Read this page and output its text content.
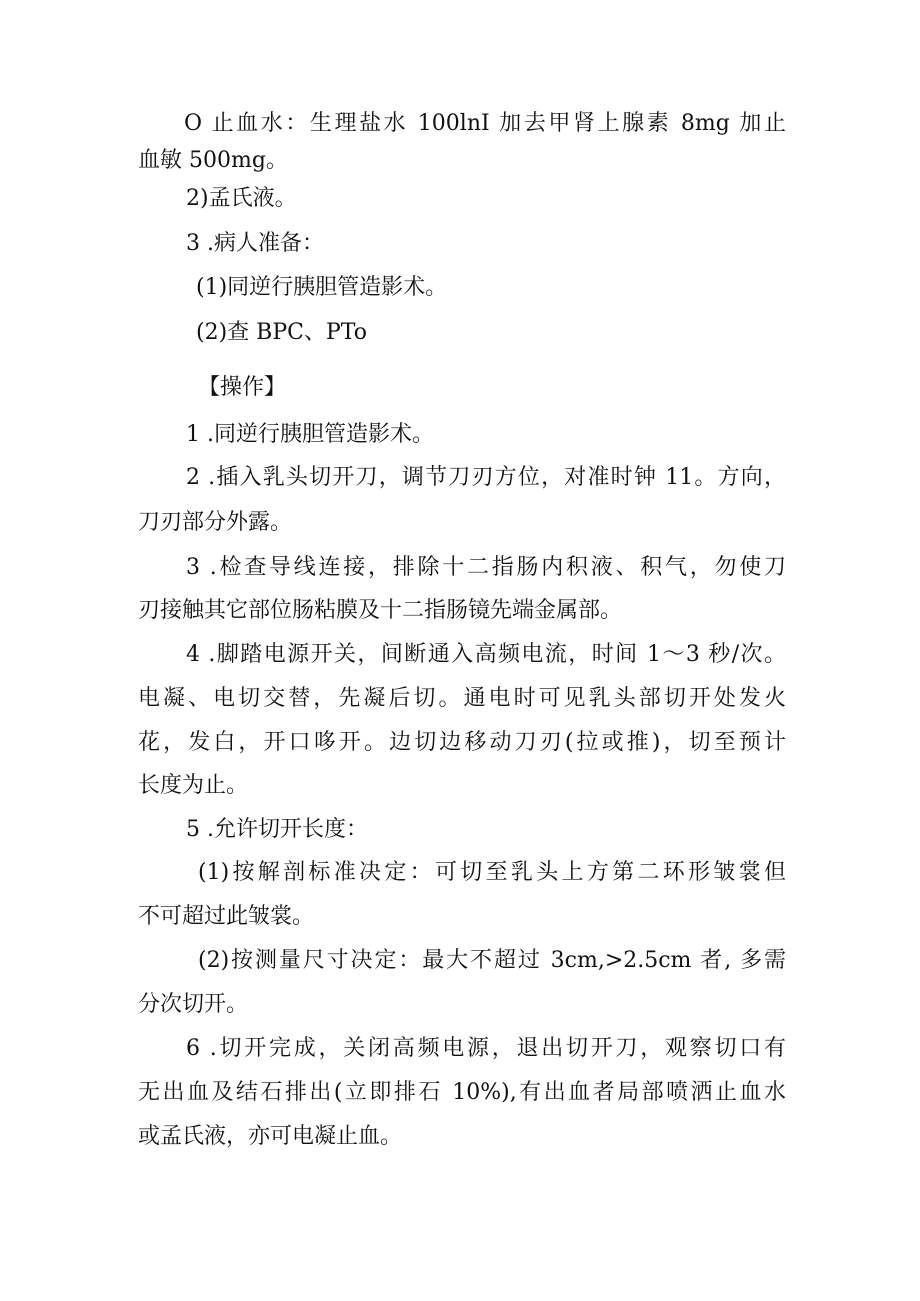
O 止血水：生理盐水 100lnI 加去甲肾上腺素 8mg 加止
血敏 500mg。
2)孟氏液。
3 .病人准备：
(1)同逆行胰胆管造影术。
(2)查 BPC、PTo
【操作】
1 .同逆行胰胆管造影术。
2 .插入乳头切开刀，调节刀刃方位，对准时钟 11。方向，
刀刃部分外露。
3 .检查导线连接，排除十二指肠内积液、积气，勿使刀
刃接触其它部位肠粘膜及十二指肠镜先端金属部。
4 .脚踏电源开关，间断通入高频电流，时间 1～3 秒/次。
电凝、电切交替，先凝后切。通电时可见乳头部切开处发火
花，发白，开口哆开。边切边移动刀刃(拉或推)，切至预计
长度为止。
5 .允许切开长度：
(1)按解剖标准决定：可切至乳头上方第二环形皱裳但
不可超过此皱裳。
(2)按测量尺寸决定：最大不超过 3cm,>2.5cm 者, 多需
分次切开。
6 .切开完成，关闭高频电源，退出切开刀，观察切口有
无出血及结石排出(立即排石 10%),有出血者局部喷洒止血水
或孟氏液，亦可电凝止血。
